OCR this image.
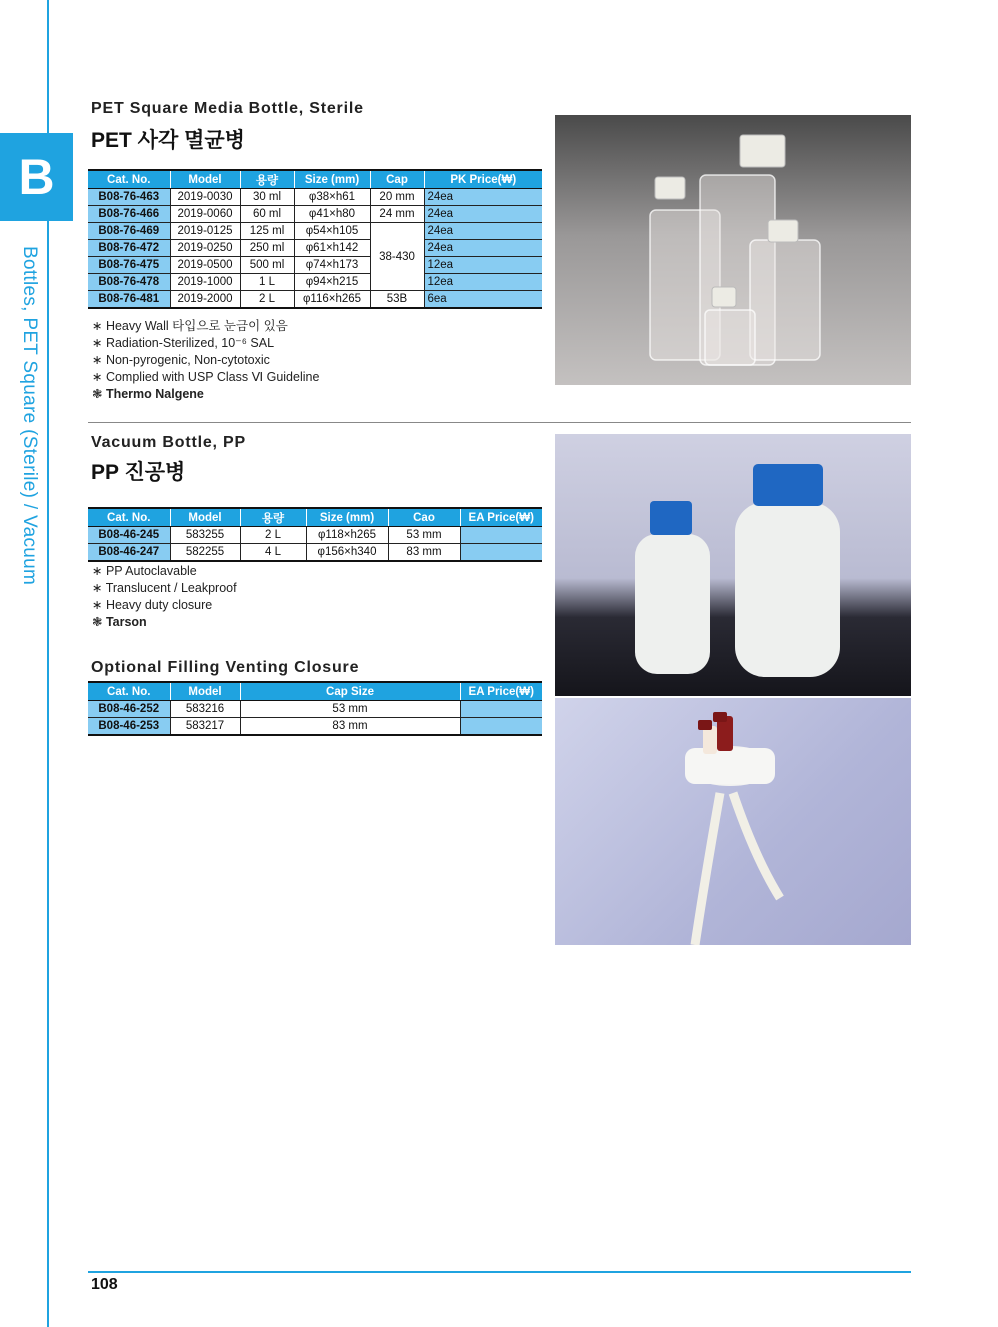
B
Bottles, PET Square (Sterile) / Vacuum
PET Square Media Bottle, Sterile
PET 사각 멸균병
Cat. No.	Model	용량	Size (mm)	Cap	PK Price(₩)
B08-76-463	2019-0030	30 ml	φ38×h61	20 mm	24ea
B08-76-466	2019-0060	60 ml	φ41×h80	24 mm	24ea
B08-76-469	2019-0125	125 ml	φ54×h105	38-430	24ea
B08-76-472	2019-0250	250 ml	φ61×h142		24ea
B08-76-475	2019-0500	500 ml	φ74×h173		12ea
B08-76-478	2019-1000	1 L	φ94×h215		12ea
B08-76-481	2019-2000	2 L	φ116×h265	53B	6ea
∗ Heavy Wall 타입으로 눈금이 있음
∗ Radiation-Sterilized, 10⁻⁶ SAL
∗ Non-pyrogenic, Non-cytotoxic
∗ Complied with USP Class Ⅵ Guideline
❃ Thermo Nalgene
Vacuum Bottle, PP
PP 진공병
Cat. No.	Model	용량	Size (mm)	Cao	EA Price(₩)
B08-46-245	583255	2 L	φ118×h265	53 mm	
B08-46-247	582255	4 L	φ156×h340	83 mm	
∗ PP Autoclavable
∗ Translucent / Leakproof
∗ Heavy duty closure
❃ Tarson
Optional Filling Venting Closure
Cat. No.	Model	Cap Size	EA Price(₩)
B08-46-252	583216	53 mm	
B08-46-253	583217	83 mm	
108
